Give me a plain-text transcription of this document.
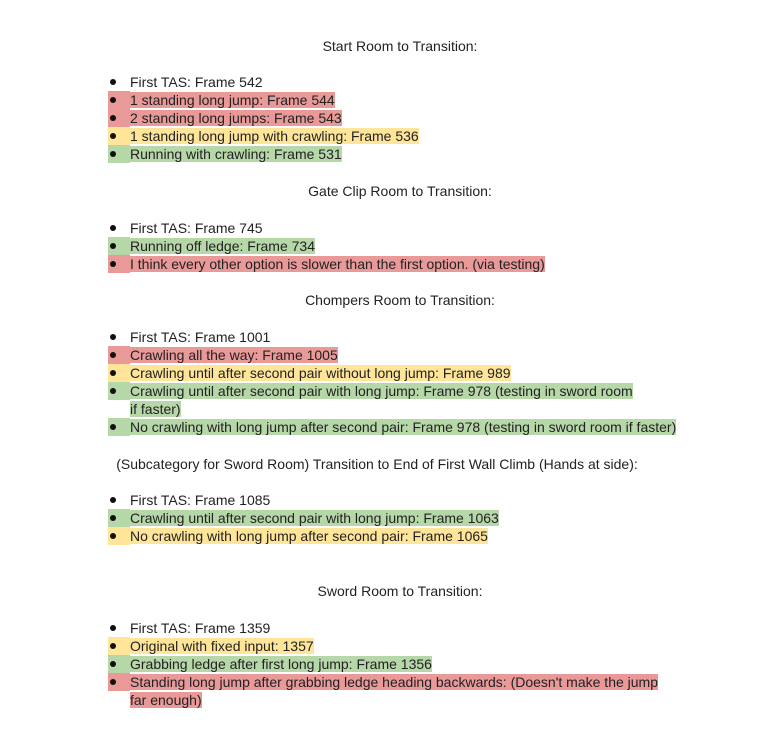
Start Room to Transition:
First TAS: Frame 542
1 standing long jump: Frame 544
2 standing long jumps: Frame 543
1 standing long jump with crawling: Frame 536
Running with crawling: Frame 531
Gate Clip Room to Transition:
First TAS: Frame 745
Running off ledge: Frame 734
I think every other option is slower than the first option. (via testing)
Chompers Room to Transition:
First TAS: Frame 1001
Crawling all the way: Frame 1005
Crawling until after second pair without long jump: Frame 989
Crawling until after second pair with long jump: Frame 978 (testing in sword room if faster)
No crawling with long jump after second pair: Frame 978 (testing in sword room if faster)
(Subcategory for Sword Room) Transition to End of First Wall Climb (Hands at side):
First TAS: Frame 1085
Crawling until after second pair with long jump: Frame 1063
No crawling with long jump after second pair: Frame 1065
Sword Room to Transition:
First TAS: Frame 1359
Original with fixed input: 1357
Grabbing ledge after first long jump: Frame 1356
Standing long jump after grabbing ledge heading backwards: (Doesn't make the jump far enough)
